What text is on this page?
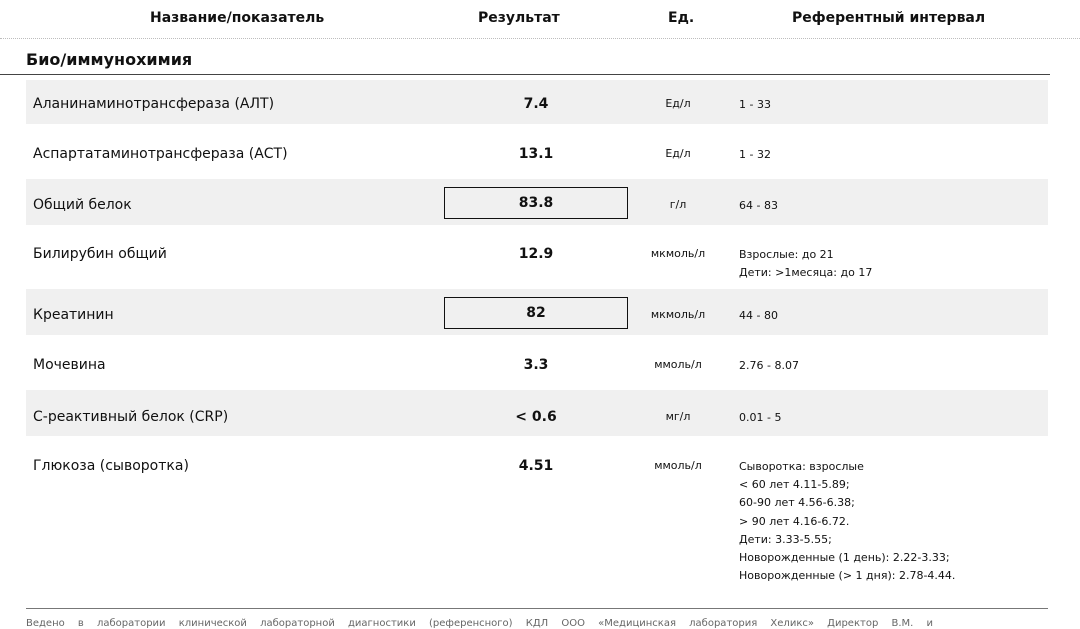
Название/показатель	Результат	Ед.	Референтный интервал
Био/иммунохимия
Аланинаминотрансфераза (АЛТ)	7.4	Ед/л	1 - 33
Аспартатаминотрансфераза (АСТ)	13.1	Ед/л	1 - 32
Общий белок	83.8	г/л	64 - 83
Билирубин общий	12.9	мкмоль/л	Взрослые: до 21
Дети: >1месяца: до 17
Креатинин	82	мкмоль/л	44 - 80
Мочевина	3.3	ммоль/л	2.76 - 8.07
С-реактивный белок (CRP)	< 0.6	мг/л	0.01 - 5
Глюкоза (сыворотка)	4.51	ммоль/л	Сыворотка: взрослые
< 60 лет 4.11-5.89;
60-90 лет 4.56-6.38;
> 90 лет 4.16-6.72.
Дети: 3.33-5.55;
Новорожденные (1 день): 2.22-3.33;
Новорожденные (> 1 дня): 2.78-4.44.
Ведено в лаборатории клинической лабораторной диагностики (референсного) КДЛ ООО «Медицинская лаборатория Хеликс» Директор В.М. и
